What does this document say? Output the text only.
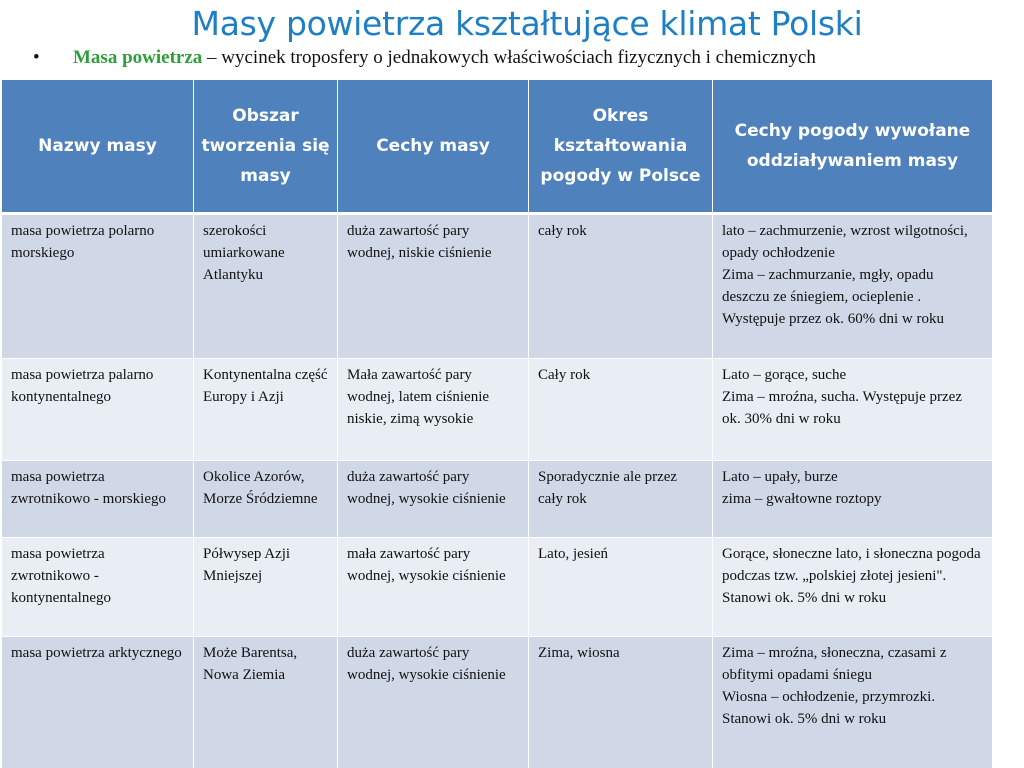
Masy powietrza kształtujące klimat Polski
• Masa powietrza – wycinek troposfery o jednakowych właściwościach fizycznych i chemicznych
Nazwy masy	Obszar tworzenia się masy	Cechy masy	Okres kształtowania pogody w Polsce	Cechy pogody wywołane oddziaływaniem masy
masa powietrza polarno morskiego	szerokości umiarkowane Atlantyku	duża zawartość pary wodnej, niskie ciśnienie	cały rok	lato – zachmurzenie, wzrost wilgotności, opady ochłodzenie
Zima – zachmurzanie, mgły, opadu deszczu ze śniegiem, ocieplenie . Występuje przez ok. 60% dni w roku

masa powietrza palarno kontynentalnego	Kontynentalna część Europy i Azji	Mała zawartość pary wodnej, latem ciśnienie niskie, zimą wysokie	Cały rok	Lato – gorące, suche
Zima – mroźna, sucha. Występuje przez ok. 30% dni w roku

masa powietrza zwrotnikowo - morskiego	Okolice Azorów, Morze Śródziemne	duża zawartość pary wodnej, wysokie ciśnienie	Sporadycznie ale przez cały rok	Lato – upały, burze
zima – gwałtowne roztopy

masa powietrza zwrotnikowo - kontynentalnego	Półwysep Azji Mniejszej	mała zawartość pary wodnej, wysokie ciśnienie	Lato, jesień	Gorące, słoneczne lato, i słoneczna pogoda podczas tzw. „polskiej złotej jesieni". Stanowi ok. 5% dni w roku

masa powietrza arktycznego	Może Barentsa, Nowa Ziemia	duża zawartość pary wodnej, wysokie ciśnienie	Zima, wiosna	Zima – mroźna, słoneczna, czasami z obfitymi opadami śniegu
Wiosna – ochłodzenie, przymrozki. Stanowi ok. 5% dni w roku
